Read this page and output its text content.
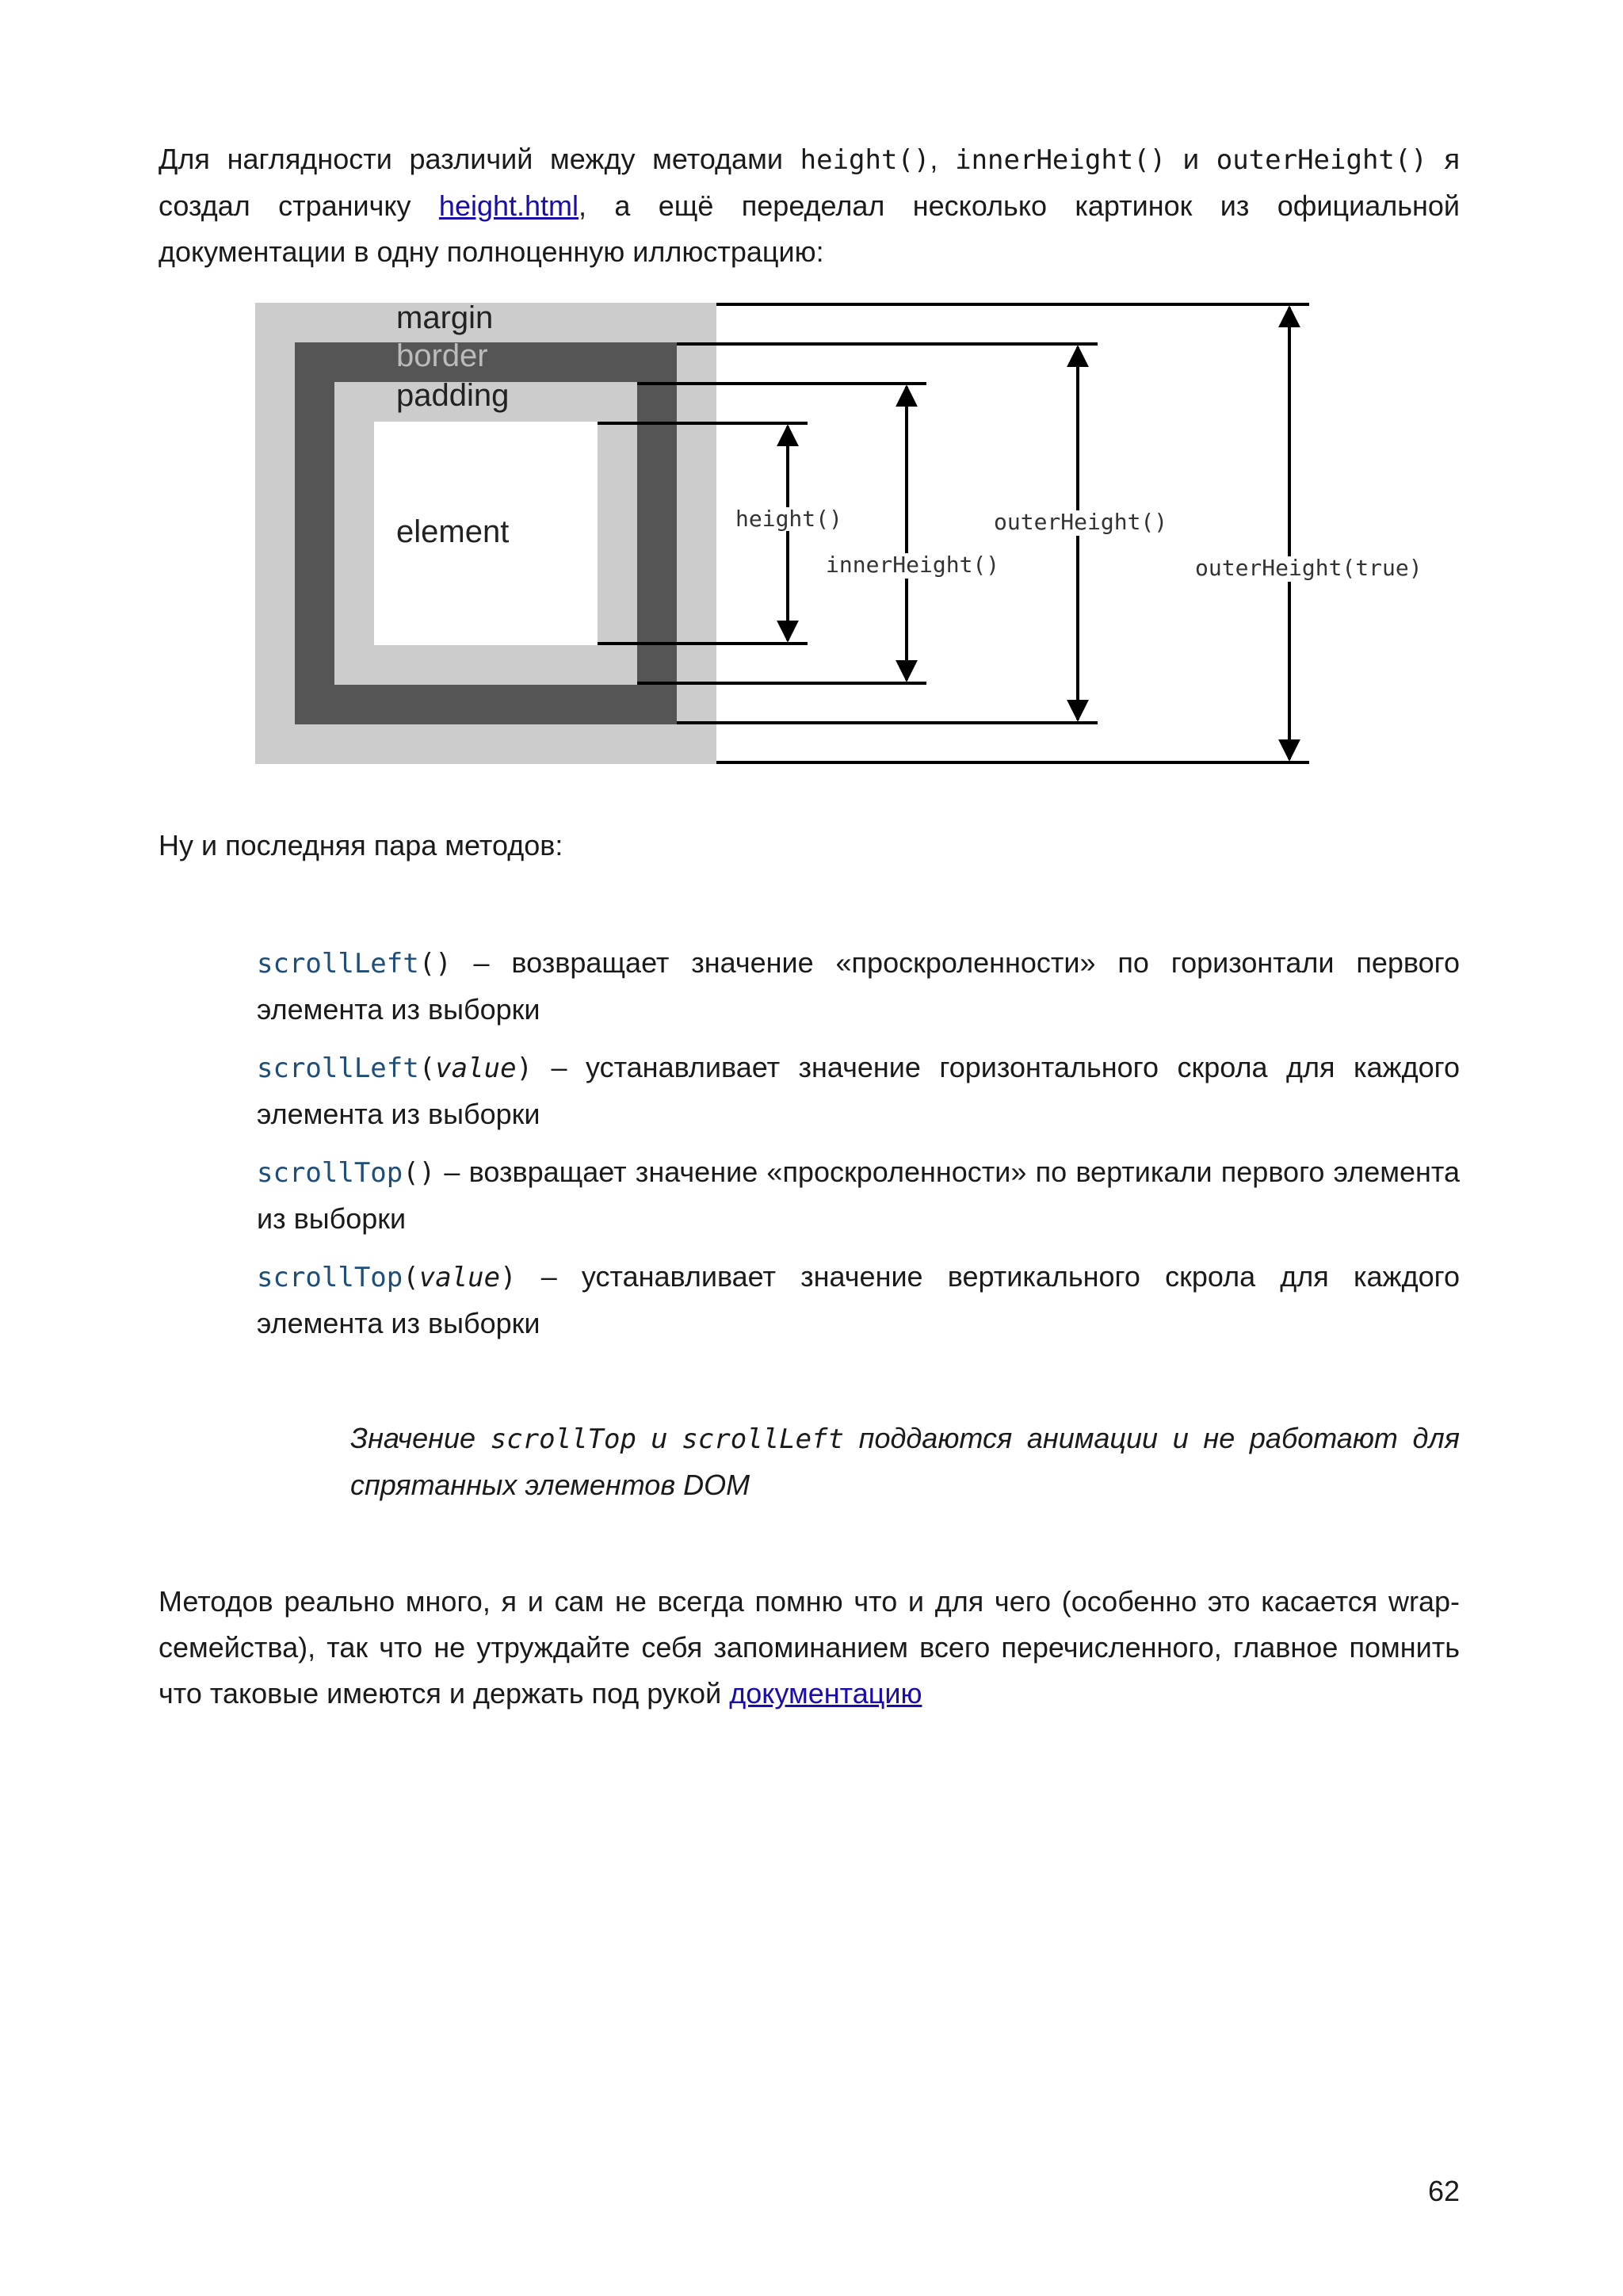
Для наглядности различий между методами height(), innerHeight() и outerHeight() я создал страничку height.html, а ещё переделал несколько картинок из официальной документации в одну полноценную иллюстрацию:

margin
border
padding
element	height()
innerHeight()
outerHeight()
outerHeight(true)

Ну и последняя пара методов:

scrollLeft() – возвращает значение «проскроленности» по горизонтали первого элемента из выборки

scrollLeft(value) – устанавливает значение горизонтального скрола для каждого элемента из выборки

scrollTop() – возвращает значение «проскроленности» по вертикали первого элемента из выборки

scrollTop(value) – устанавливает значение вертикального скрола для каждого элемента из выборки

Значение scrollTop и scrollLeft поддаются анимации и не работают для спрятанных элементов DOM

Методов реально много, я и сам не всегда помню что и для чего (особенно это касается wrap-семейства), так что не утруждайте себя запоминанием всего перечисленного, главное помнить что таковые имеются и держать под рукой документацию

62
